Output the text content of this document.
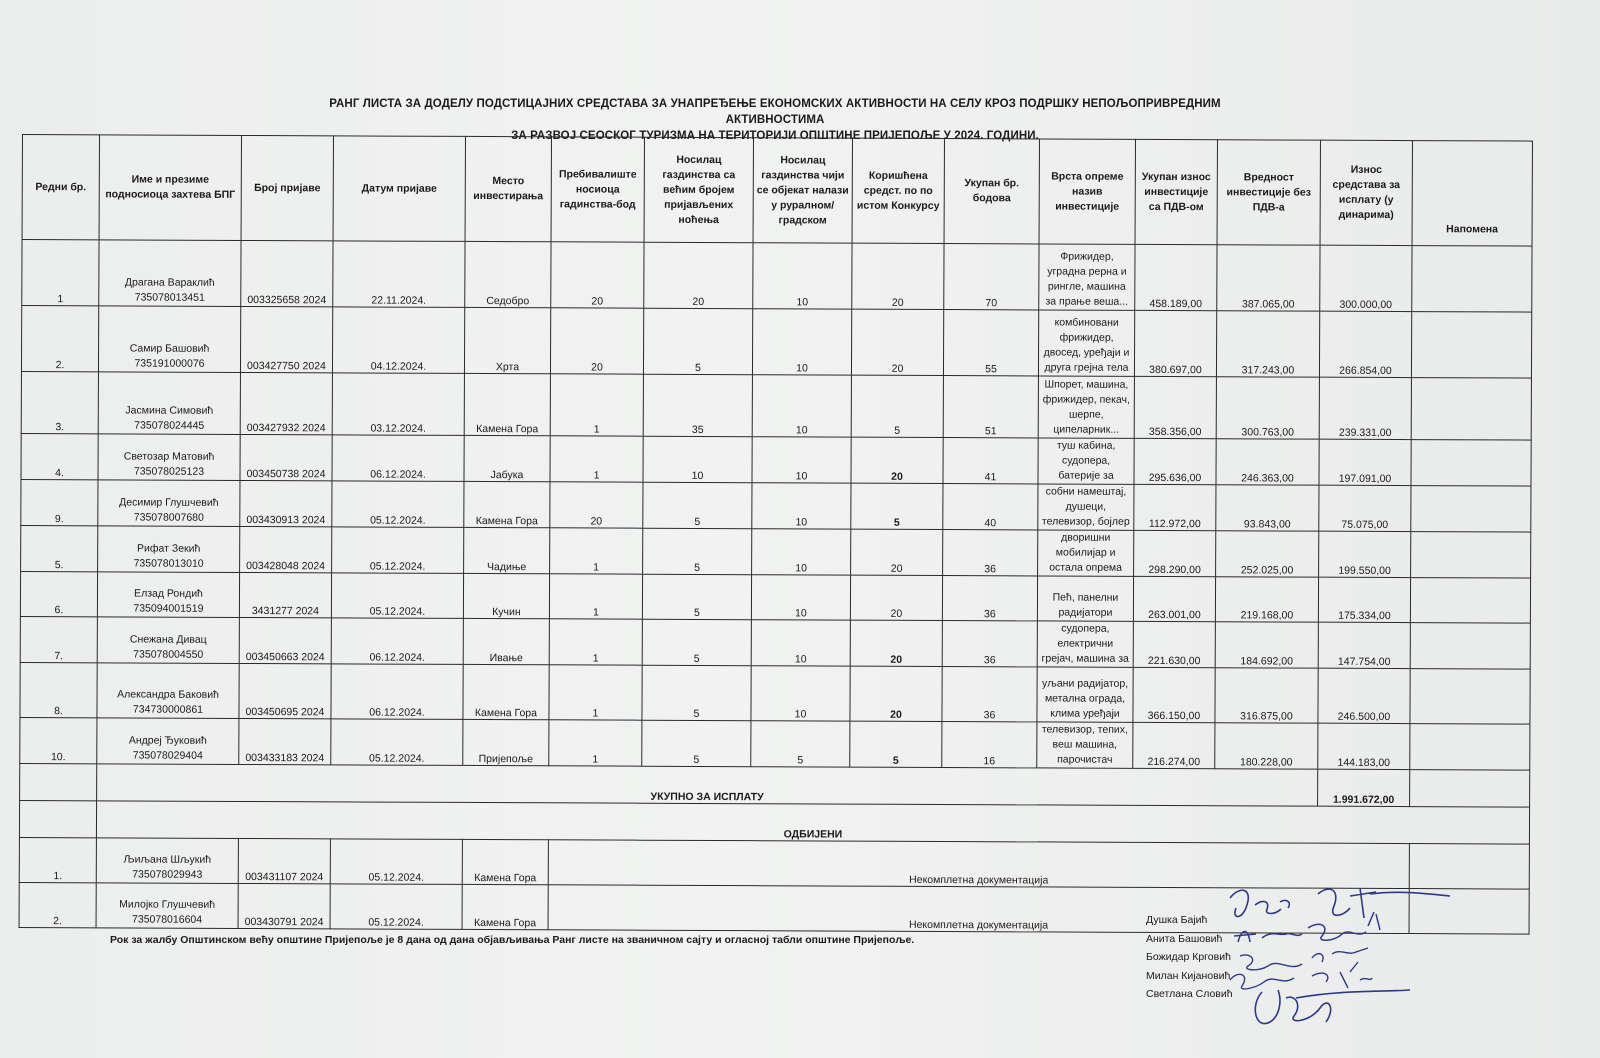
РАНГ ЛИСТА ЗА ДОДЕЛУ ПОДСТИЦАЈНИХ СРЕДСТАВА ЗА УНАПРЕЂЕЊЕ ЕКОНОМСКИХ АКТИВНОСТИ НА СЕЛУ КРОЗ ПОДРШКУ НЕПОЉОПРИВРЕДНИМ АКТИВНОСТИМА
ЗА РАЗВОЈ СЕОСКОГ ТУРИЗМА НА ТЕРИТОРИЈИ ОПШТИНЕ ПРИЈЕПОЉЕ У 2024. ГОДИНИ.
Редни бр.	Име и презиме подносиоца захтева БПГ	Број пријаве	Датум пријаве	Место инвестирања	Пребивалиште носиоца гадинства-бод	Носилац газдинства са већим бројем пријављених ноћења	Носилац газдинства чији се објекат налази у руралном/градском	Коришћена средст. по по истом Конкурсу	Укупан бр. бодова	Врста опреме назив инвестиције	Укупан износ инвестиције са ПДВ-ом	Вредност инвестиције без ПДВ-а	Износ средстава за исплату (у динарима)	Напомена
1	Драгана Вараклић 735078013451	003325658 2024	22.11.2024.	Седобро	20	20	10	20	70	Фрижидер, уградна рерна и рингле, машина за прање веша...	458.189,00	387.065,00	300.000,00	
2.	Самир Башовић 735191000076	003427750 2024	04.12.2024.	Хрта	20	5	10	20	55	комбиновани фрижидер, двосед, уређаји и друга грејна тела	380.697,00	317.243,00	266.854,00	
3.	Јасмина Симовић 735078024445	003427932 2024	03.12.2024.	Камена Гора	1	35	10	5	51	Шпорет, машина, фрижидер, пекач, шерпе, ципеларник...	358.356,00	300.763,00	239.331,00	
4.	Светозар Матовић 735078025123	003450738 2024	06.12.2024.	Јабука	1	10	10	20	41	туш кабина, судопера, батерије за	295.636,00	246.363,00	197.091,00	
9.	Десимир Глушчевић 735078007680	003430913 2024	05.12.2024.	Камена Гора	20	5	10	5	40	собни намештај, душеци, телевизор, бојлер	112.972,00	93.843,00	75.075,00	
5.	Рифат Зекић 735078013010	003428048 2024	05.12.2024.	Чадиње	1	5	10	20	36	дворишни мобилијар и остала опрема	298.290,00	252.025,00	199.550,00	
6.	Елзад Рондић 735094001519	3431277 2024	05.12.2024.	Кучин	1	5	10	20	36	Пећ, панелни радијатори	263.001,00	219.168,00	175.334,00	
7.	Снежана Дивац 735078004550	003450663 2024	06.12.2024.	Ивање	1	5	10	20	36	судопера, електрични грејач, машина за	221.630,00	184.692,00	147.754,00	
8.	Александра Баковић 734730000861	003450695 2024	06.12.2024.	Камена Гора	1	5	10	20	36	уљани радијатор, метална ограда, клима уређаји	366.150,00	316.875,00	246.500,00	
10.	Андреј Ђуковић 735078029404	003433183 2024	05.12.2024.	Пријепоље	1	5	5	5	16	телевизор, тепих, веш машина, парочистач	216.274,00	180.228,00	144.183,00	
	УКУПНО ЗА ИСПЛАТУ												1.991.672,00	
	ОДБИЈЕНИ													
1.	Љиљана Шљукић 735078029943	003431107 2024	05.12.2024.	Камена Гора	Некомплетна документација									
2.	Милојко Глушчевић 735078016604	003430791 2024	05.12.2024.	Камена Гора	Некомплетна документација									
Рок за жалбу Општинском већу општине Пријепоље је 8 дана од дана објављивања Ранг листе на званичном сајту и огласној табли општине Пријепоље.
Душка Бајић
Анита Башовић
Божидар Крговић
Милан Кијановић
Светлана Словић
